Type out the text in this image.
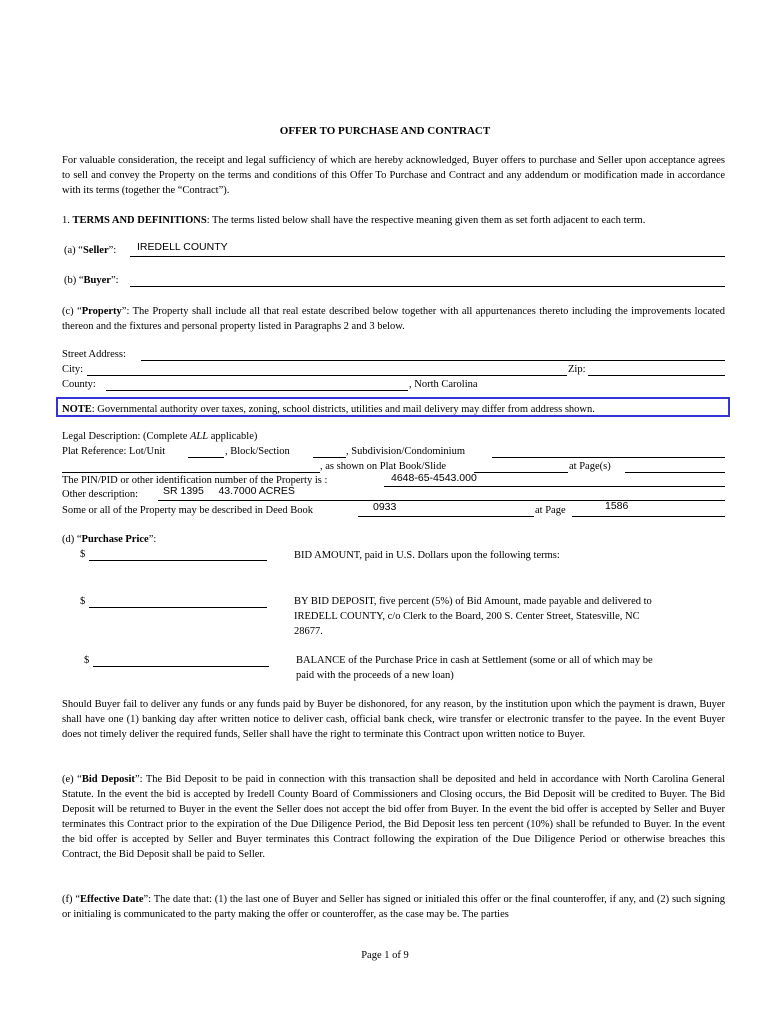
OFFER TO PURCHASE AND CONTRACT
For valuable consideration, the receipt and legal sufficiency of which are hereby acknowledged, Buyer offers to purchase and Seller upon acceptance agrees to sell and convey the Property on the terms and conditions of this Offer To Purchase and Contract and any addendum or modification made in accordance with its terms (together the “Contract”).
1. TERMS AND DEFINITIONS: The terms listed below shall have the respective meaning given them as set forth adjacent to each term.
(a) “Seller”: IREDELL COUNTY
(b) “Buyer”:
(c) “Property”: The Property shall include all that real estate described below together with all appurtenances thereto including the improvements located thereon and the fixtures and personal property listed in Paragraphs 2 and 3 below.
Street Address:
City:	Zip:
County:	, North Carolina
NOTE: Governmental authority over taxes, zoning, school districts, utilities and mail delivery may differ from address shown.
Legal Description: (Complete ALL applicable)
Plat Reference: Lot/Unit	, Block/Section	, Subdivision/Condominium
, as shown on Plat Book/Slide	at Page(s)
The PIN/PID or other identification number of the Property is :	4648-65-4543.000
Other description: SR 1395     43.7000 ACRES
Some or all of the Property may be described in Deed Book	0933	at Page	1586
(d) “Purchase Price”:
$	BID AMOUNT, paid in U.S. Dollars upon the following terms:
$	BY BID DEPOSIT, five percent (5%) of Bid Amount, made payable and delivered to
IREDELL COUNTY, c/o Clerk to the Board, 200 S. Center Street, Statesville, NC
28677.
$	BALANCE of the Purchase Price in cash at Settlement (some or all of which may be
paid with the proceeds of a new loan)
Should Buyer fail to deliver any funds or any funds paid by Buyer be dishonored, for any reason, by the institution upon which the payment is drawn, Buyer shall have one (1) banking day after written notice to deliver cash, official bank check, wire transfer or electronic transfer to the payee. In the event Buyer does not timely deliver the required funds, Seller shall have the right to terminate this Contract upon written notice to Buyer.
(e) “Bid Deposit”: The Bid Deposit to be paid in connection with this transaction shall be deposited and held in accordance with North Carolina General Statute. In the event the bid is accepted by Iredell County Board of Commissioners and Closing occurs, the Bid Deposit will be credited to Buyer. The Bid Deposit will be returned to Buyer in the event the Seller does not accept the bid offer from Buyer. In the event the bid offer is accepted by Seller and Buyer terminates this Contract prior to the expiration of the Due Diligence Period, the Bid Deposit less ten percent (10%) shall be refunded to Buyer. In the event the bid offer is accepted by Seller and Buyer terminates this Contract following the expiration of the Due Diligence Period or otherwise breaches this Contract, the Bid Deposit shall be paid to Seller.
(f) “Effective Date”: The date that: (1) the last one of Buyer and Seller has signed or initialed this offer or the final counteroffer, if any, and (2) such signing or initialing is communicated to the party making the offer or counteroffer, as the case may be. The parties
Page 1 of 9
